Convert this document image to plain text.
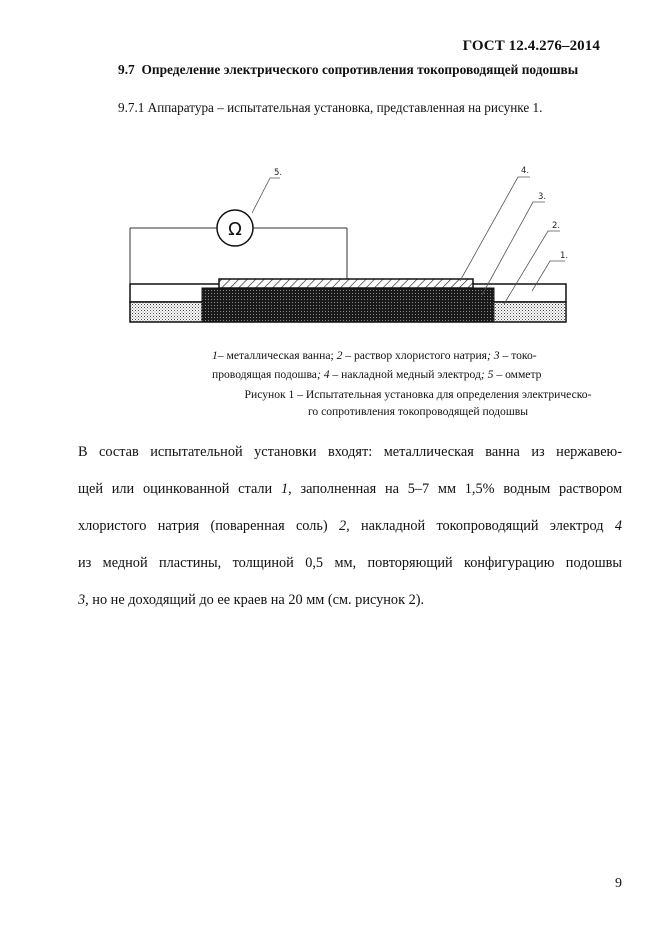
ГОСТ 12.4.276–2014
9.7 Определение электрического сопротивления токопроводящей подошвы
9.7.1 Аппаратура – испытательная установка, представленная на рисунке 1.
Ω
5.	4.
3.
2.
1.
1– металлическая ванна; 2 – раствор хлористого натрия; 3 – токо-
проводящая подошва; 4 – накладной медный электрод; 5 – омметр
Рисунок 1 – Испытательная установка для определения электрическо-
го сопротивления токопроводящей подошвы
В состав испытательной установки входят: металлическая ванна из нержавею-
щей или оцинкованной стали 1, заполненная на 5–7 мм 1,5% водным раствором
хлористого натрия (поваренная соль) 2, накладной токопроводящий электрод 4
из медной пластины, толщиной 0,5 мм, повторяющий конфигурацию подошвы
3, но не доходящий до ее краев на 20 мм (см. рисунок 2).
9
